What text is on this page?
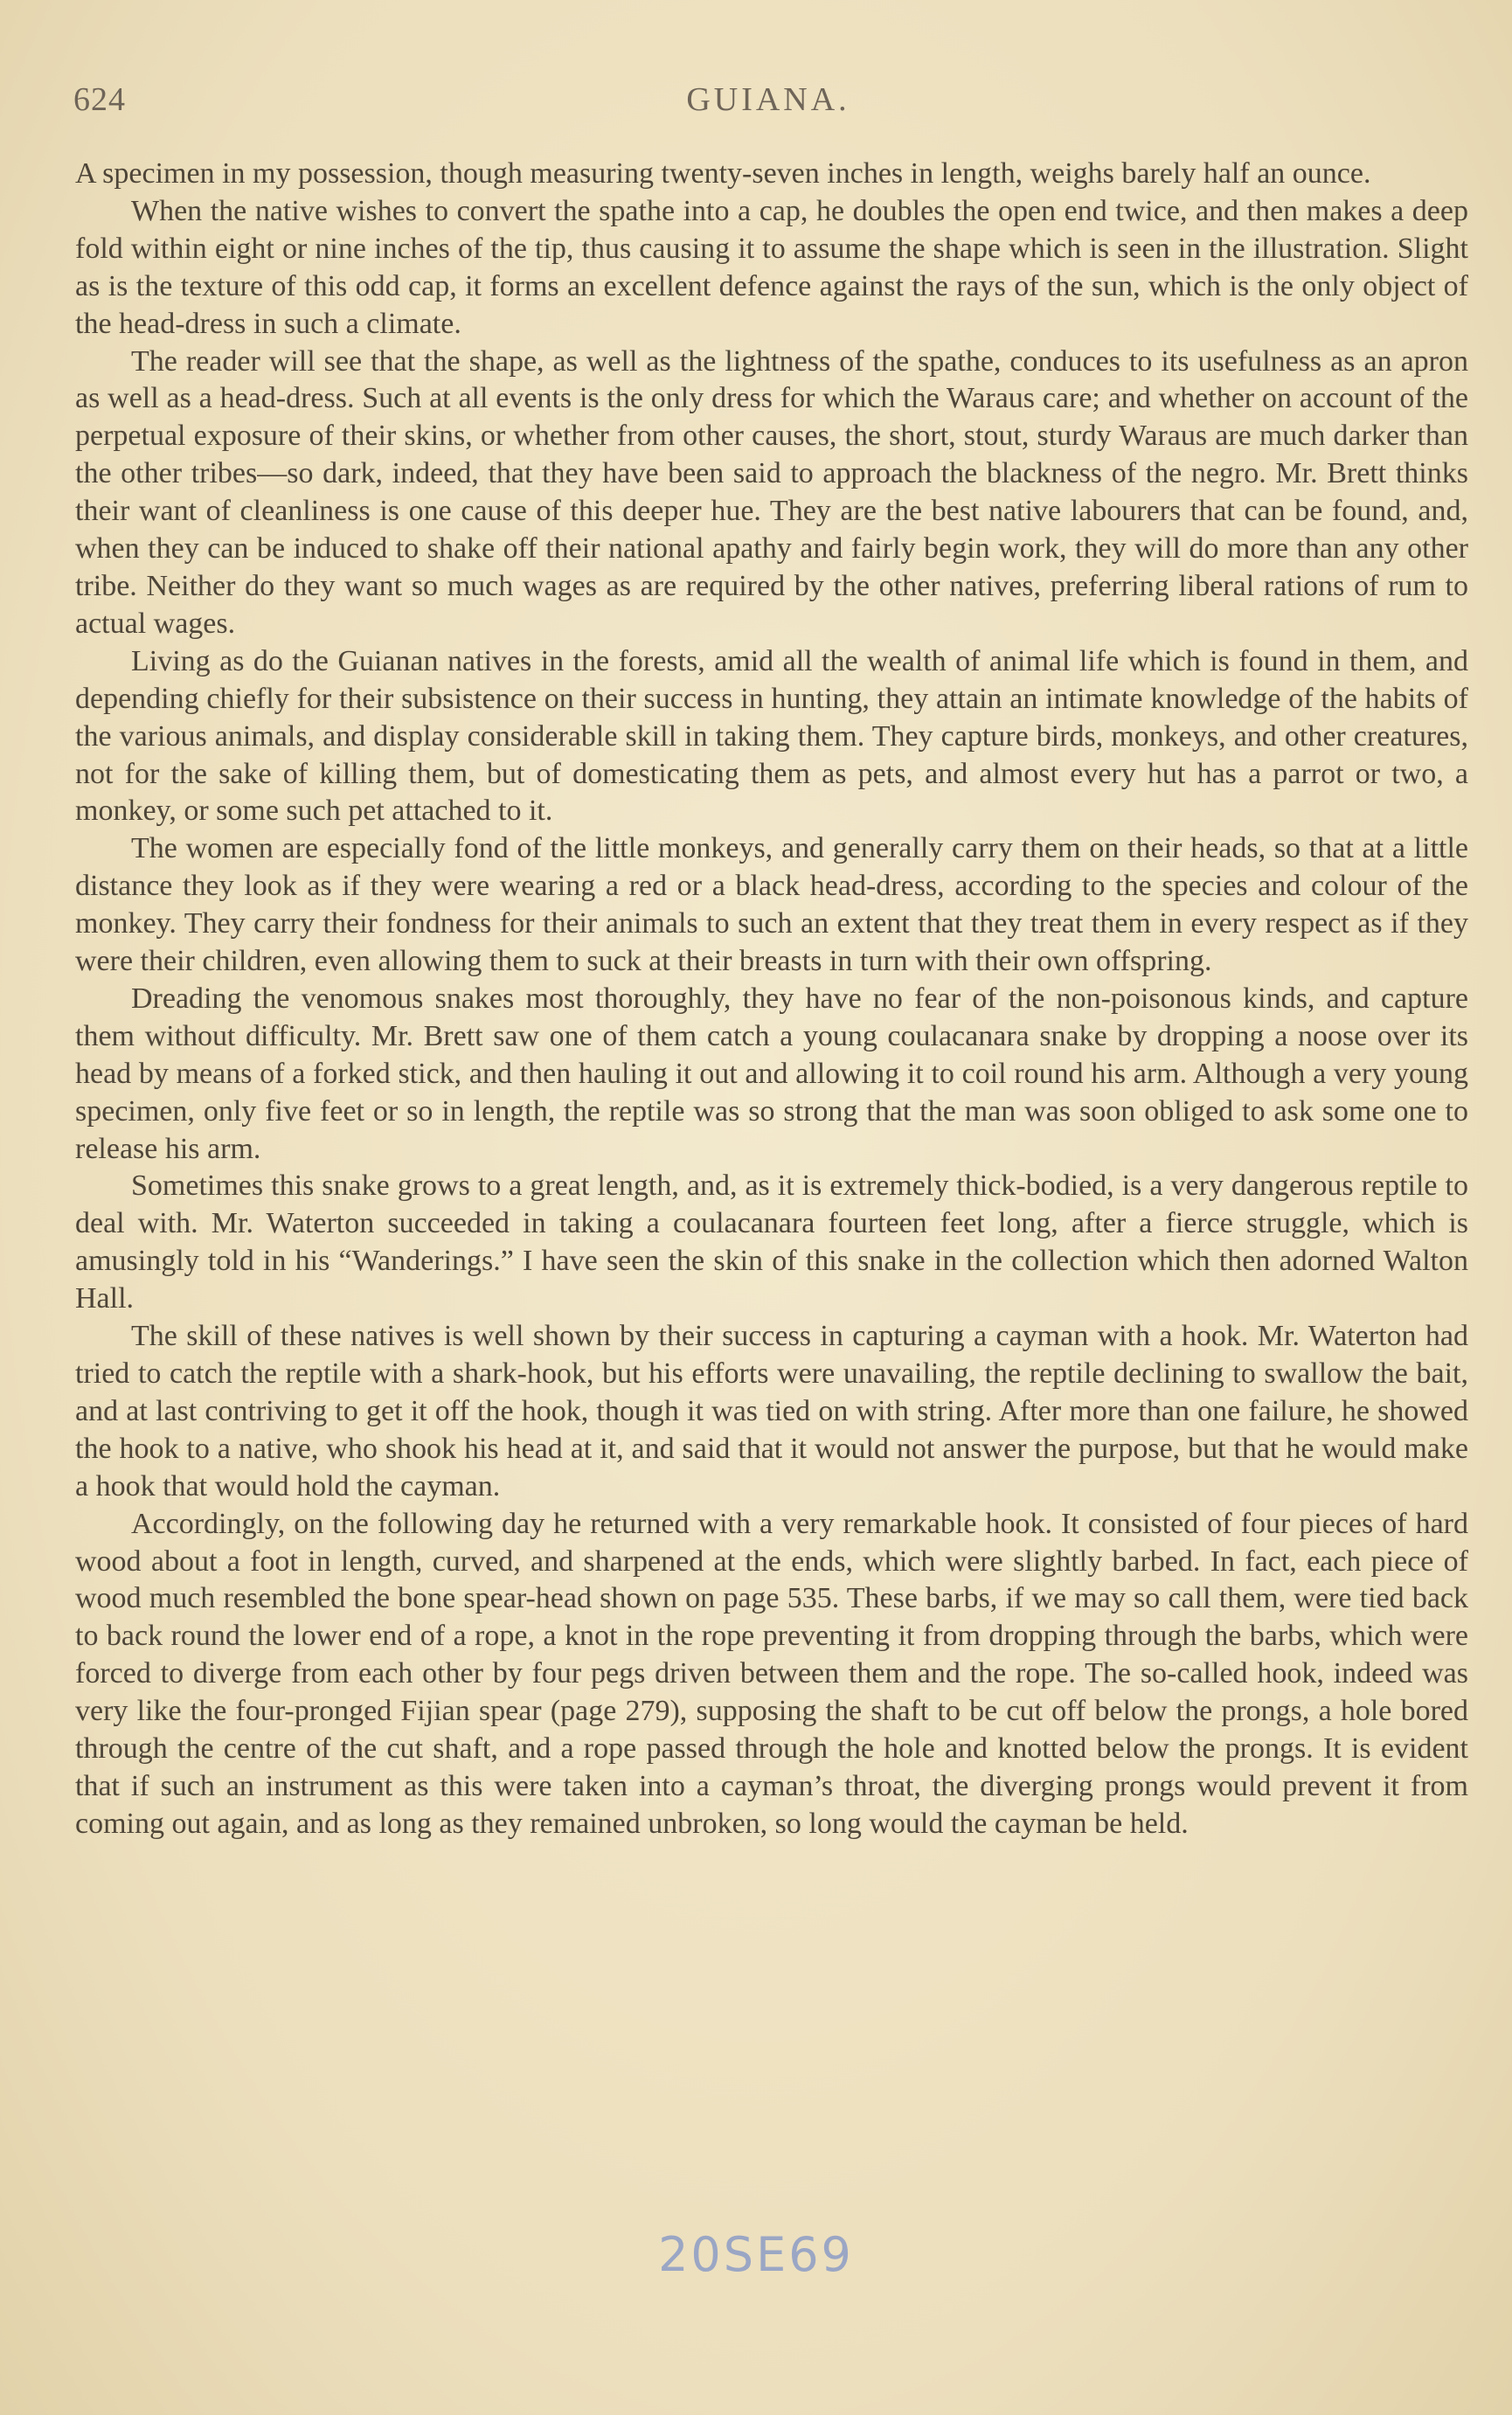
624	GUIANA.

A specimen in my possession, though measuring twenty-seven inches in length, weighs barely half an ounce.

When the native wishes to convert the spathe into a cap, he doubles the open end twice, and then makes a deep fold within eight or nine inches of the tip, thus causing it to assume the shape which is seen in the illustration. Slight as is the texture of this odd cap, it forms an excellent defence against the rays of the sun, which is the only object of the head-dress in such a climate.

The reader will see that the shape, as well as the lightness of the spathe, conduces to its usefulness as an apron as well as a head-dress. Such at all events is the only dress for which the Waraus care; and whether on account of the perpetual exposure of their skins, or whether from other causes, the short, stout, sturdy Waraus are much darker than the other tribes—so dark, indeed, that they have been said to approach the blackness of the negro. Mr. Brett thinks their want of cleanliness is one cause of this deeper hue. They are the best native labourers that can be found, and, when they can be induced to shake off their national apathy and fairly begin work, they will do more than any other tribe. Neither do they want so much wages as are required by the other natives, preferring liberal rations of rum to actual wages.

Living as do the Guianan natives in the forests, amid all the wealth of animal life which is found in them, and depending chiefly for their subsistence on their success in hunting, they attain an intimate knowledge of the habits of the various animals, and display considerable skill in taking them. They capture birds, monkeys, and other creatures, not for the sake of killing them, but of domesticating them as pets, and almost every hut has a parrot or two, a monkey, or some such pet attached to it.

The women are especially fond of the little monkeys, and generally carry them on their heads, so that at a little distance they look as if they were wearing a red or a black head-dress, according to the species and colour of the monkey. They carry their fondness for their animals to such an extent that they treat them in every respect as if they were their children, even allowing them to suck at their breasts in turn with their own offspring.

Dreading the venomous snakes most thoroughly, they have no fear of the non-poisonous kinds, and capture them without difficulty. Mr. Brett saw one of them catch a young coulacanara snake by dropping a noose over its head by means of a forked stick, and then hauling it out and allowing it to coil round his arm. Although a very young specimen, only five feet or so in length, the reptile was so strong that the man was soon obliged to ask some one to release his arm.

Sometimes this snake grows to a great length, and, as it is extremely thick-bodied, is a very dangerous reptile to deal with. Mr. Waterton succeeded in taking a coulacanara fourteen feet long, after a fierce struggle, which is amusingly told in his “Wanderings.” I have seen the skin of this snake in the collection which then adorned Walton Hall.

The skill of these natives is well shown by their success in capturing a cayman with a hook. Mr. Waterton had tried to catch the reptile with a shark-hook, but his efforts were unavailing, the reptile declining to swallow the bait, and at last contriving to get it off the hook, though it was tied on with string. After more than one failure, he showed the hook to a native, who shook his head at it, and said that it would not answer the purpose, but that he would make a hook that would hold the cayman.

Accordingly, on the following day he returned with a very remarkable hook. It consisted of four pieces of hard wood about a foot in length, curved, and sharpened at the ends, which were slightly barbed. In fact, each piece of wood much resembled the bone spear-head shown on page 535. These barbs, if we may so call them, were tied back to back round the lower end of a rope, a knot in the rope preventing it from dropping through the barbs, which were forced to diverge from each other by four pegs driven between them and the rope. The so-called hook, indeed was very like the four-pronged Fijian spear (page 279), supposing the shaft to be cut off below the prongs, a hole bored through the centre of the cut shaft, and a rope passed through the hole and knotted below the prongs. It is evident that if such an instrument as this were taken into a cayman’s throat, the diverging prongs would prevent it from coming out again, and as long as they remained unbroken, so long would the cayman be held.

20SE69
